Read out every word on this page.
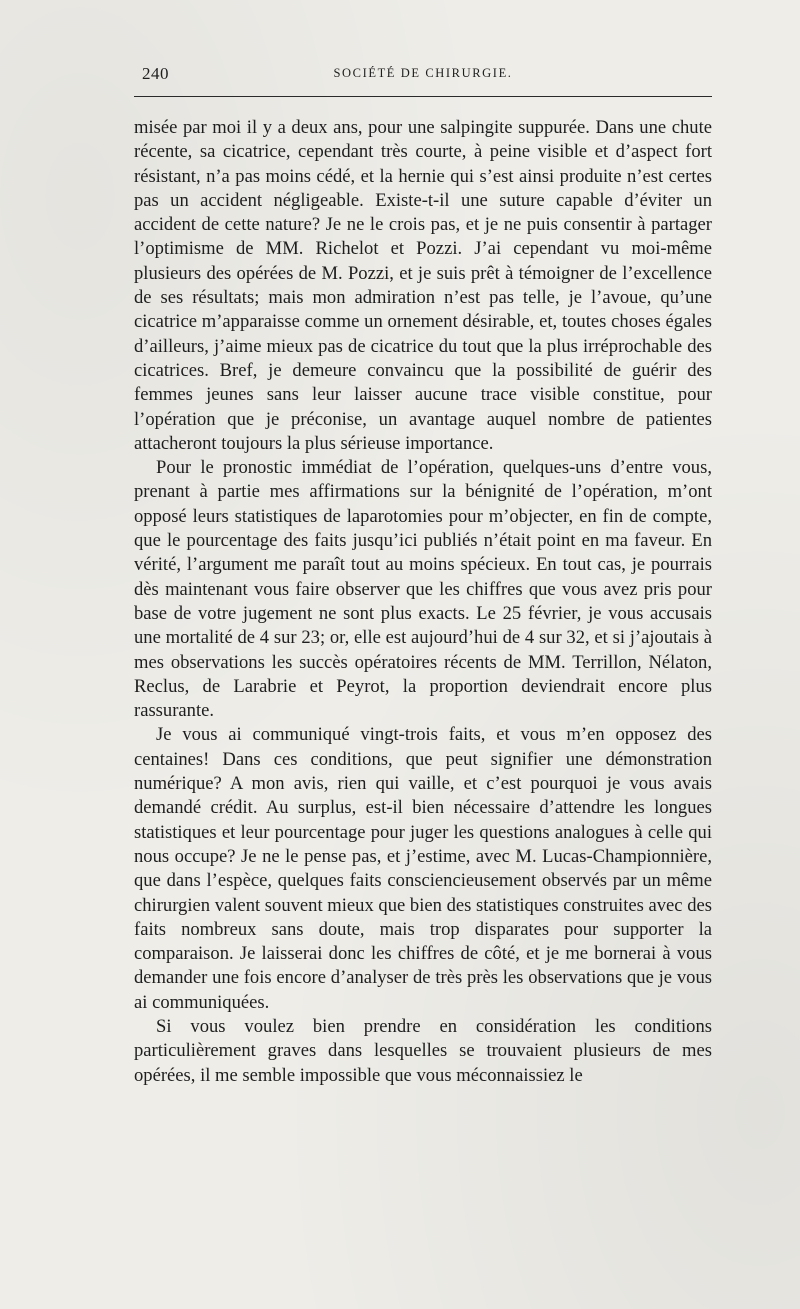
240	SOCIÉTÉ DE CHIRURGIE.

misée par moi il y a deux ans, pour une salpingite suppurée. Dans une chute récente, sa cicatrice, cependant très courte, à peine visible et d’aspect fort résistant, n’a pas moins cédé, et la hernie qui s’est ainsi produite n’est certes pas un accident négligeable. Existe-t-il une suture capable d’éviter un accident de cette nature? Je ne le crois pas, et je ne puis consentir à partager l’optimisme de MM. Richelot et Pozzi. J’ai cependant vu moi-même plusieurs des opérées de M. Pozzi, et je suis prêt à témoigner de l’excellence de ses résultats; mais mon admiration n’est pas telle, je l’avoue, qu’une cicatrice m’apparaisse comme un ornement désirable, et, toutes choses égales d’ailleurs, j’aime mieux pas de cicatrice du tout que la plus irréprochable des cicatrices. Bref, je demeure convaincu que la possibilité de guérir des femmes jeunes sans leur laisser aucune trace visible constitue, pour l’opération que je préconise, un avantage auquel nombre de patientes attacheront toujours la plus sérieuse importance.

Pour le pronostic immédiat de l’opération, quelques-uns d’entre vous, prenant à partie mes affirmations sur la bénignité de l’opération, m’ont opposé leurs statistiques de laparotomies pour m’objecter, en fin de compte, que le pourcentage des faits jusqu’ici publiés n’était point en ma faveur. En vérité, l’argument me paraît tout au moins spécieux. En tout cas, je pourrais dès maintenant vous faire observer que les chiffres que vous avez pris pour base de votre jugement ne sont plus exacts. Le 25 février, je vous accusais une mortalité de 4 sur 23; or, elle est aujourd’hui de 4 sur 32, et si j’ajoutais à mes observations les succès opératoires récents de MM. Terrillon, Nélaton, Reclus, de Larabrie et Peyrot, la proportion deviendrait encore plus rassurante.

Je vous ai communiqué vingt-trois faits, et vous m’en opposez des centaines! Dans ces conditions, que peut signifier une démonstration numérique? A mon avis, rien qui vaille, et c’est pourquoi je vous avais demandé crédit. Au surplus, est-il bien nécessaire d’attendre les longues statistiques et leur pourcentage pour juger les questions analogues à celle qui nous occupe? Je ne le pense pas, et j’estime, avec M. Lucas-Championnière, que dans l’espèce, quelques faits consciencieusement observés par un même chirurgien valent souvent mieux que bien des statistiques construites avec des faits nombreux sans doute, mais trop disparates pour supporter la comparaison. Je laisserai donc les chiffres de côté, et je me bornerai à vous demander une fois encore d’analyser de très près les observations que je vous ai communiquées.

Si vous voulez bien prendre en considération les conditions particulièrement graves dans lesquelles se trouvaient plusieurs de mes opérées, il me semble impossible que vous méconnaissiez le
